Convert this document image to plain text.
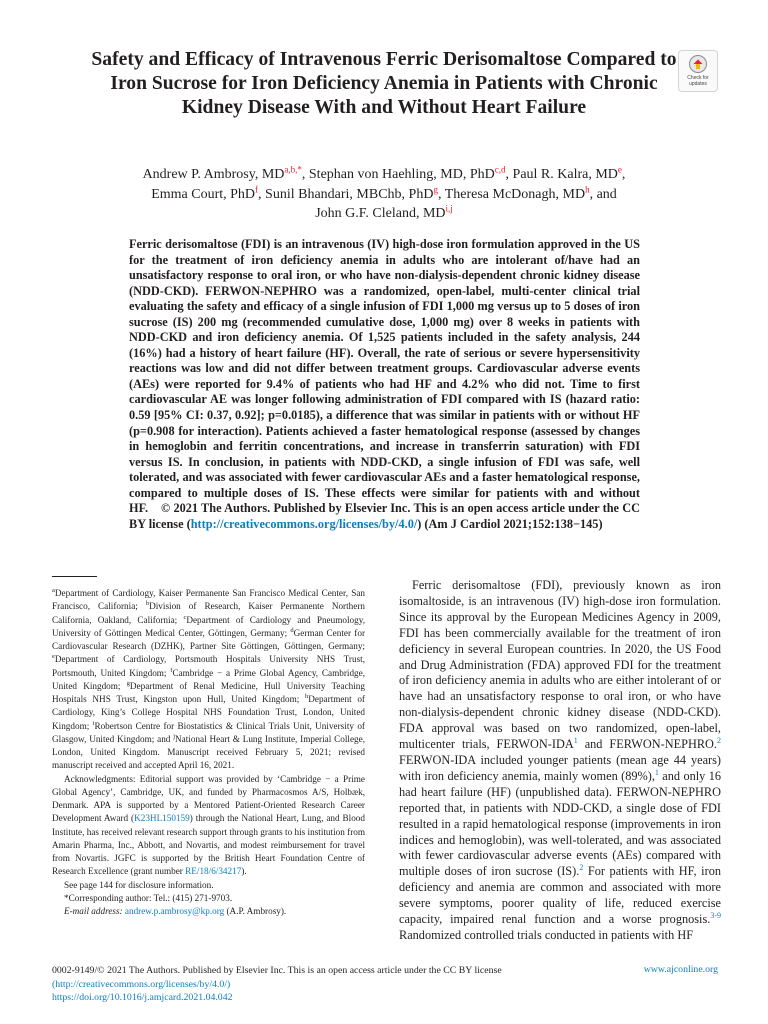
Safety and Efficacy of Intravenous Ferric Derisomaltose Compared to Iron Sucrose for Iron Deficiency Anemia in Patients with Chronic Kidney Disease With and Without Heart Failure
Check for
updates

Andrew P. Ambrosy, $MD^{a,b,*}$, Stephan von Haehling, MD, PhD$^{c,d}$, Paul R. Kalra, MDe,
Emma Court, PhD$^f$, Sunil Bhandari, MBChb, PhD$^g$, Theresa McDonagh, $MD^h$, and
John G.F. Cleland, MD$^{i,j}$

Ferric derisomaltose (FDI) is an intravenous (IV) high-dose iron formulation approved in the US for the treatment of iron deficiency anemia in adults who are intolerant of/have had an unsatisfactory response to oral iron, or who have non-dialysis-dependent chronic kidney disease (NDD-CKD). FERWON-NEPHRO was a randomized, open-label, multi-center clinical trial evaluating the safety and efficacy of a single infusion of FDI 1,000 mg versus up to 5 doses of iron sucrose (IS) 200 mg (recommended cumulative dose, 1,000 mg) over 8 weeks in patients with NDD-CKD and iron deficiency anemia. Of 1,525 patients included in the safety analysis, 244 (16%) had a history of heart failure (HF). Overall, the rate of serious or severe hypersensitivity reactions was low and did not differ between treatment groups. Cardiovascular adverse events (AEs) were reported for 9.4% of patients who had HF and 4.2% who did not. Time to first cardiovascular AE was longer following administration of FDI compared with IS (hazard ratio: 0.59 [95% CI: 0.37, 0.92]; p=0.0185), a difference that was similar in patients with or without HF (p=0.908 for interaction). Patients achieved a faster hematological response (assessed by changes in hemoglobin and ferritin concentrations, and increase in transferrin saturation) with FDI versus IS. In conclusion, in patients with NDD-CKD, a single infusion of FDI was safe, well tolerated, and was associated with fewer cardiovascular AEs and a faster hematological response, compared to multiple doses of IS. These effects were similar for patients with and without HF. © 2021 The Authors. Published by Elsevier Inc. This is an open access article under the CC BY license (http://creativecommons.org/licenses/by/4.0/) (Am J Cardiol 2021;152:138−145)

$^a$Department of Cardiology, Kaiser Permanente San Francisco Medical Center, San Francisco, California; $^b$Division of Research, Kaiser Permanente Northern California, Oakland, California; $^c$Department of Cardiology and Pneumology, University of Göttingen Medical Center, Göttingen, Germany; $^d$German Center for Cardiovascular Research (DZHK), Partner Site Göttingen, Göttingen, Germany; $^e$Department of Cardiology, Portsmouth Hospitals University NHS Trust, Portsmouth, United Kingdom; $^f$Cambridge − a Prime Global Agency, Cambridge, United Kingdom; $^g$Department of Renal Medicine, Hull University Teaching Hospitals NHS Trust, Kingston upon Hull, United Kingdom; $^h$Department of Cardiology, King’s College Hospital NHS Foundation Trust, London, United Kingdom; $^i$Robertson Centre for Biostatistics & Clinical Trials Unit, University of Glasgow, United Kingdom; and $^j$National Heart & Lung Institute, Imperial College, London, United Kingdom. Manuscript received February 5, 2021; revised manuscript received and accepted April 16, 2021.

Acknowledgments: Editorial support was provided by ‘Cambridge − a Prime Global Agency’, Cambridge, UK, and funded by Pharmacosmos A/S, Holbæk, Denmark. APA is supported by a Mentored Patient-Oriented Research Career Development Award (K23HL150159) through the National Heart, Lung, and Blood Institute, has received relevant research support through grants to his institution from Amarin Pharma, Inc., Abbott, and Novartis, and modest reimbursement for travel from Novartis. JGFC is supported by the British Heart Foundation Centre of Research Excellence (grant number RE/18/6/34217).

See page 144 for disclosure information.

*Corresponding author: Tel.: (415) 271-9703.

E-mail address: andrew.p.ambrosy@kp.org (A.P. Ambrosy).

Ferric derisomaltose (FDI), previously known as iron isomaltoside, is an intravenous (IV) high-dose iron formulation. Since its approval by the European Medicines Agency in 2009, FDI has been commercially available for the treatment of iron deficiency in several European countries. In 2020, the US Food and Drug Administration (FDA) approved FDI for the treatment of iron deficiency anemia in adults who are either intolerant of or have had an unsatisfactory response to oral iron, or who have non-dialysis-dependent chronic kidney disease (NDD-CKD). FDA approval was based on two randomized, open-label, multicenter trials, FERWON-IDA$^1$ and FERWON-NEPHRO.$^2$ FERWON-IDA included younger patients (mean age 44 years) with iron deficiency anemia, mainly women (89%),$^1$ and only 16 had heart failure (HF) (unpublished data). FERWON-NEPHRO reported that, in patients with NDD-CKD, a single dose of FDI resulted in a rapid hematological response (improvements in iron indices and hemoglobin), was well-tolerated, and was associated with fewer cardiovascular adverse events (AEs) compared with multiple doses of iron sucrose (IS).$^2$ For patients with HF, iron deficiency and anemia are common and associated with more severe symptoms, poorer quality of life, reduced exercise capacity, impaired renal function and a worse prognosis.$^{3-9}$ Randomized controlled trials conducted in patients with HF

0002-9149/© 2021 The Authors. Published by Elsevier Inc. This is an open access article under the CC BY license
(http://creativecommons.org/licenses/by/4.0/)
https://doi.org/10.1016/j.amjcard.2021.04.042
www.ajconline.org
